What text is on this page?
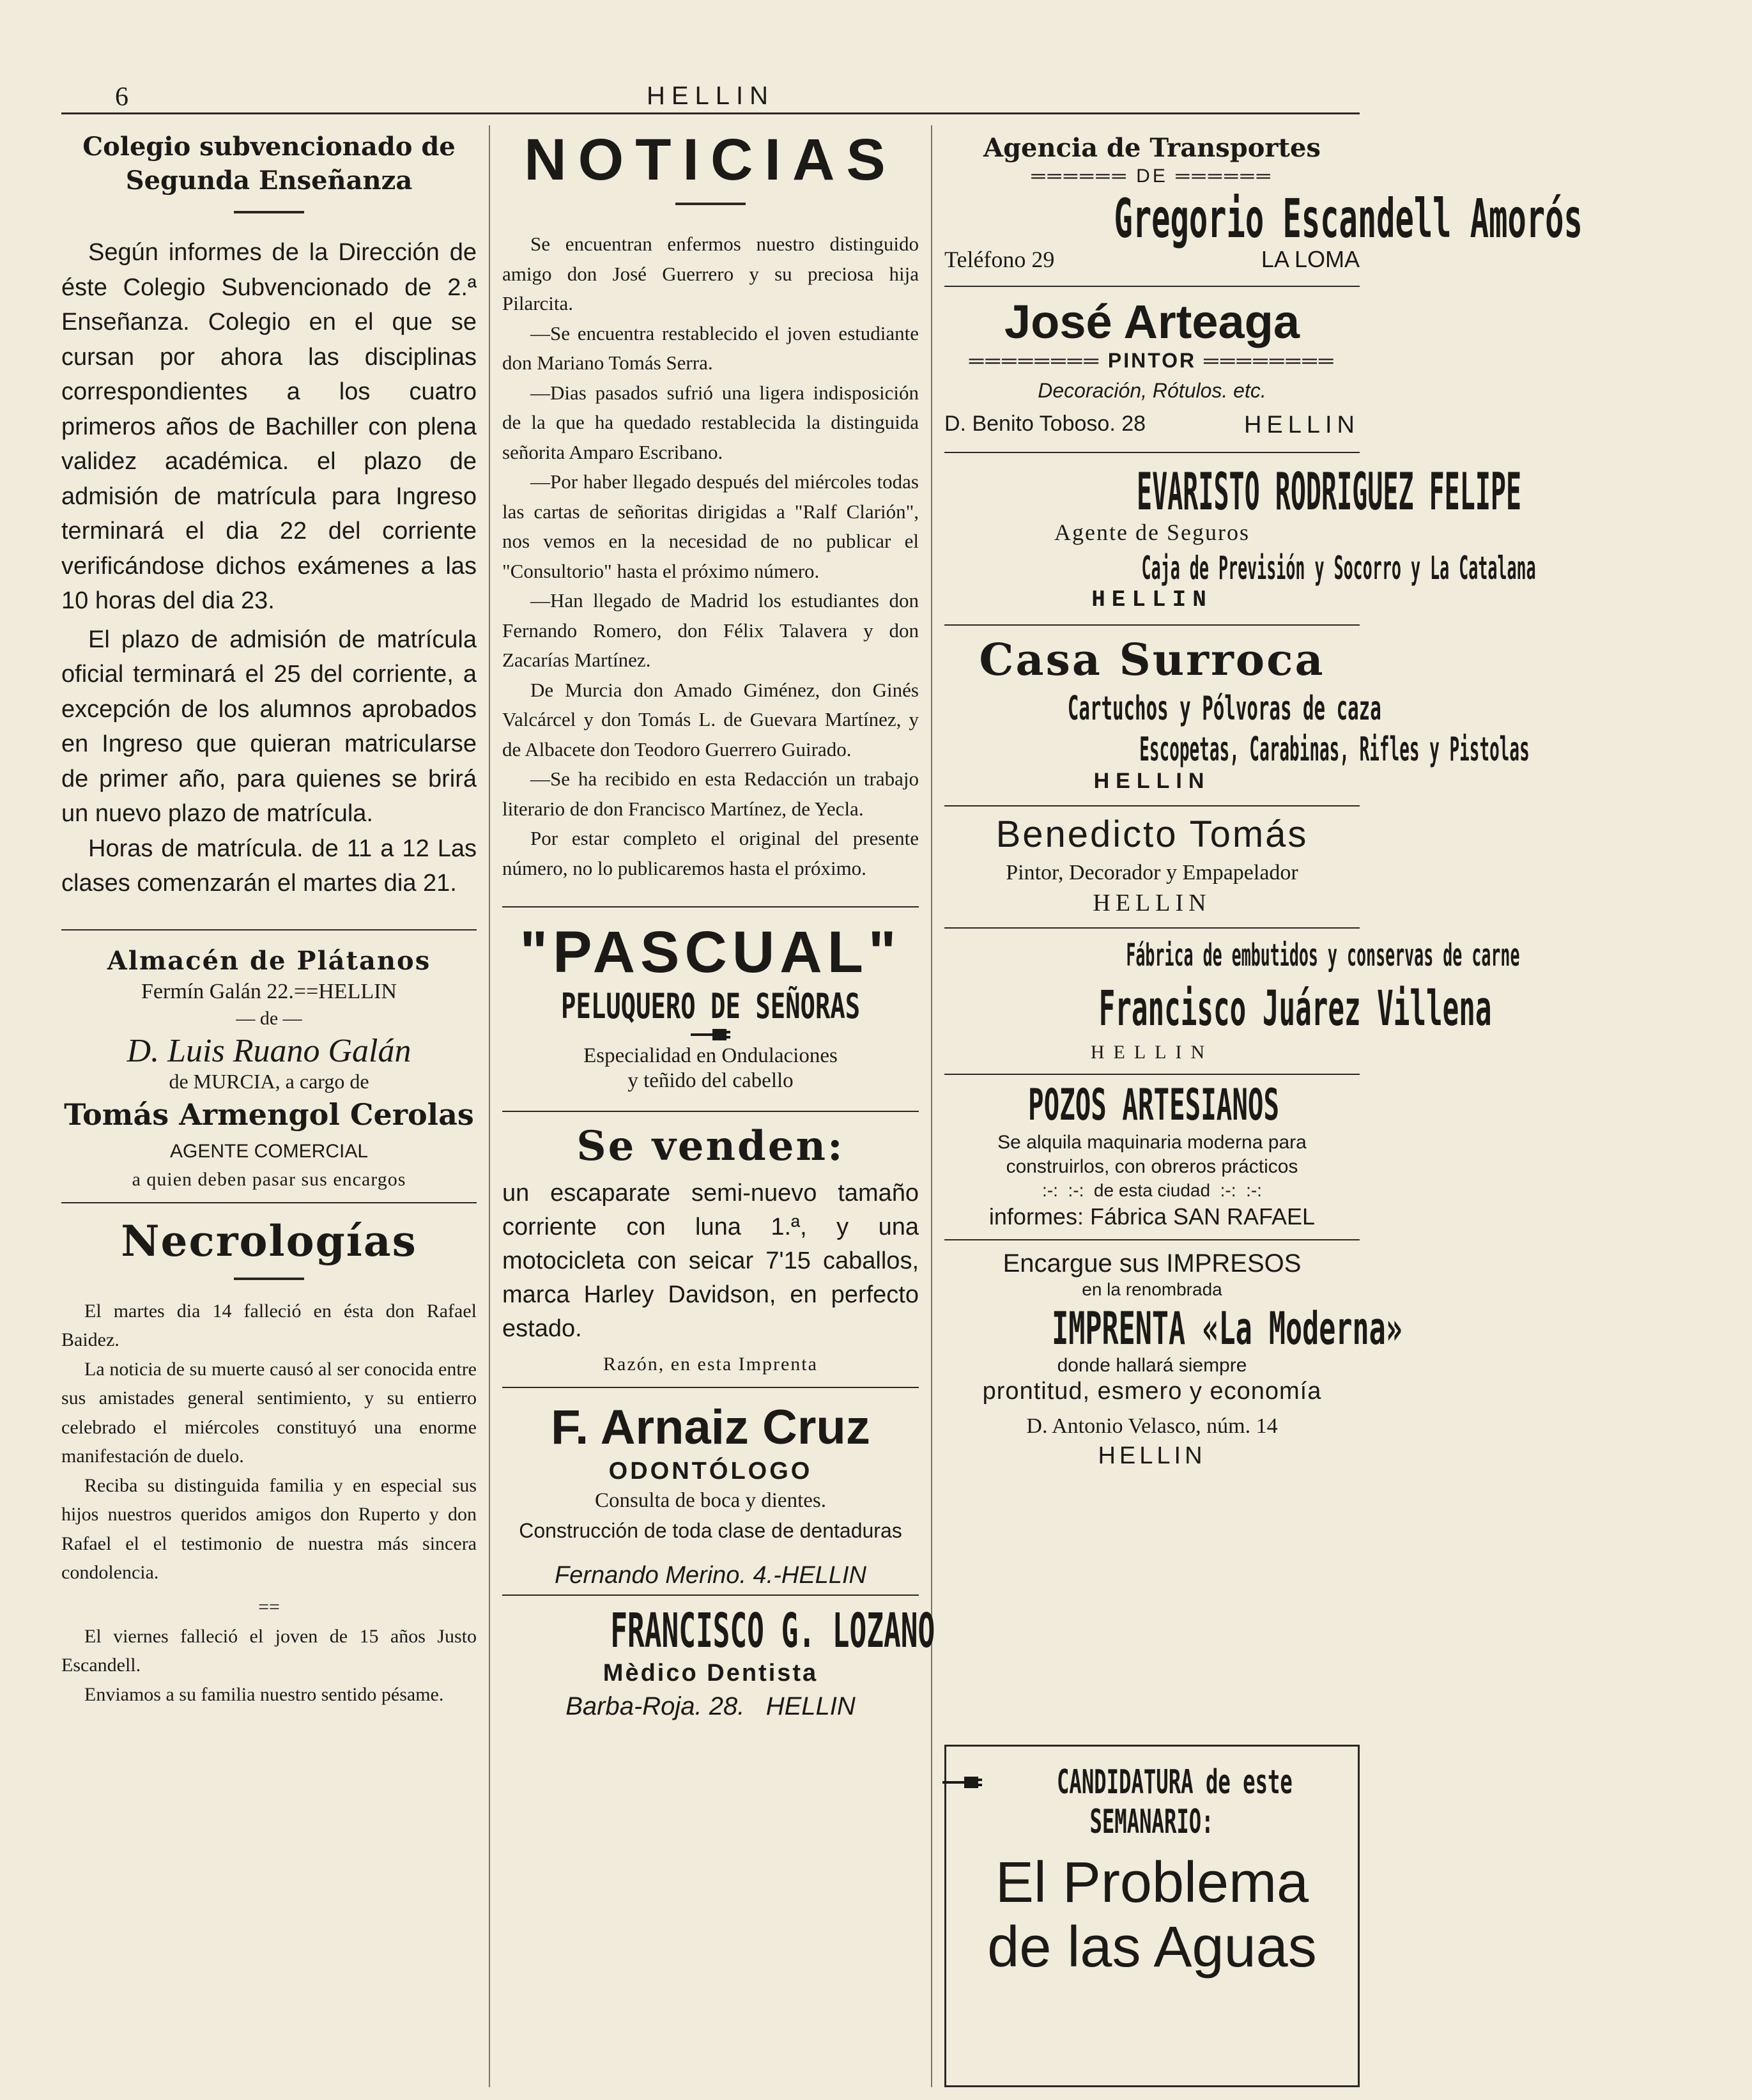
6	HELLIN

Colegio subvencionado de

Segunda Enseñanza

Según informes de la Dirección de éste Colegio Subvencionado de 2.ª Enseñanza. Colegio en el que se cursan por ahora las disciplinas correspondientes a los cuatro primeros años de Bachiller con plena validez académica. el plazo de admisión de matrícula para Ingreso terminará el dia 22 del corriente verificándose dichos exámenes a las 10 horas del dia 23.

El plazo de admisión de matrícula oficial terminará el 25 del corriente, a excepción de los alumnos aprobados en Ingreso que quieran matricularse de primer año, para quienes se brirá un nuevo plazo de matrícula.

Horas de matrícula. de 11 a 12 Las clases comenzarán el martes dia 21.

Almacén de Plátanos

Fermín Galán 22.==HELLIN

— de —

D. Luis Ruano Galán

de MURCIA, a cargo de

Tomás Armengol Cerolas

AGENTE COMERCIAL

a quien deben pasar sus encargos

Necrologías

El martes dia 14 falleció en ésta don Rafael Baidez.

La noticia de su muerte causó al ser conocida entre sus amistades general sentimiento, y su entierro celebrado el miércoles constituyó una enorme manifestación de duelo.

Reciba su distinguida familia y en especial sus hijos nuestros queridos amigos don Ruperto y don Rafael el el testimonio de nuestra más sincera condolencia.

==

El viernes falleció el joven de 15 años Justo Escandell.

Enviamos a su familia nuestro sentido pésame.

NOTICIAS

Se encuentran enfermos nuestro distinguido amigo don José Guerrero y su preciosa hija Pilarcita.

—Se encuentra restablecido el joven estudiante don Mariano Tomás Serra.

—Dias pasados sufrió una ligera indisposición de la que ha quedado restablecida la distinguida señorita Amparo Escribano.

—Por haber llegado después del miércoles todas las cartas de señoritas dirigidas a "Ralf Clarión", nos vemos en la necesidad de no publicar el "Consultorio" hasta el próximo número.

—Han llegado de Madrid los estudiantes don Fernando Romero, don Félix Talavera y don Zacarías Martínez.

De Murcia don Amado Giménez, don Ginés Valcárcel y don Tomás L. de Guevara Martínez, y de Albacete don Teodoro Guerrero Guirado.

—Se ha recibido en esta Redacción un trabajo literario de don Francisco Martínez, de Yecla.

Por estar completo el original del presente número, no lo publicaremos hasta el próximo.

"PASCUAL"

PELUQUERO DE SEÑORAS

Especialidad en Ondulaciones

y teñido del cabello

Se venden:

un escaparate semi-nuevo tamaño corriente con luna 1.ª, y una motocicleta con seicar 7'15 caballos, marca Harley Davidson, en perfecto estado.

Razón, en esta Imprenta

F. Arnaiz Cruz

ODONTÓLOGO

Consulta de boca y dientes.

Construcción de toda clase de dentaduras

Fernando Merino. 4.-HELLIN

FRANCISCO G. LOZANO

Mèdico Dentista

Barba-Roja. 28.   HELLIN

Agencia de Transportes

══════ DE ══════

Gregorio Escandell Amorós

Teléfono 29	LA LOMA

José Arteaga

════════ PINTOR ════════

Decoración, Rótulos. etc.

D. Benito Toboso. 28	HELLIN

EVARISTO RODRIGUEZ FELIPE

Agente de Seguros

Caja de Previsión y Socorro y La Catalana

HELLIN

Casa Surroca

Cartuchos y Pólvoras de caza

Escopetas, Carabinas, Rifles y Pistolas

HELLIN

Benedicto Tomás

Pintor, Decorador y Empapelador

HELLIN

Fábrica de embutidos y conservas de carne

Francisco Juárez Villena

HELLIN

POZOS ARTESIANOS

Se alquila maquinaria moderna para

construirlos, con obreros prácticos

:-:  :-:  de esta ciudad  :-:  :-:

informes: Fábrica SAN RAFAEL

Encargue sus IMPRESOS

en la renombrada

IMPRENTA «La Moderna»

donde hallará siempre

prontitud, esmero y economía

D. Antonio Velasco, núm. 14

HELLIN

CANDIDATURA de este

SEMANARIO:

El Problema

de las Aguas
